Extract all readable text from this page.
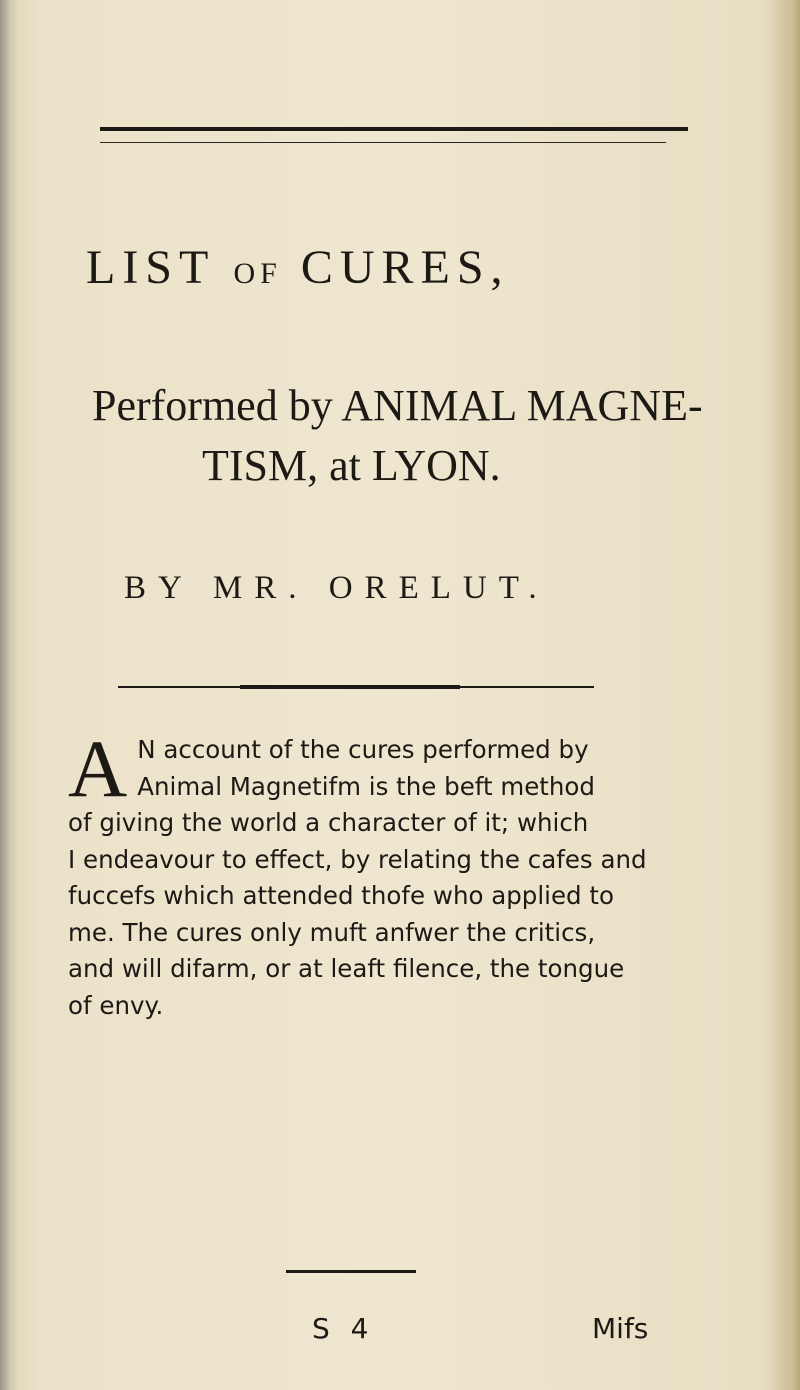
LIST OF CURES,
Performed by ANIMAL MAGNE-
TISM, at LYON.
BY MR. ORELUT.
A N account of the cures performed by
Animal Magnetifm is the beft method
of giving the world a character of it; which
I endeavour to effect, by relating the cafes and
fuccefs which attended thofe who applied to
me. The cures only muft anfwer the critics,
and will difarm, or at leaft filence, the tongue
of envy.
S 4	Mifs
